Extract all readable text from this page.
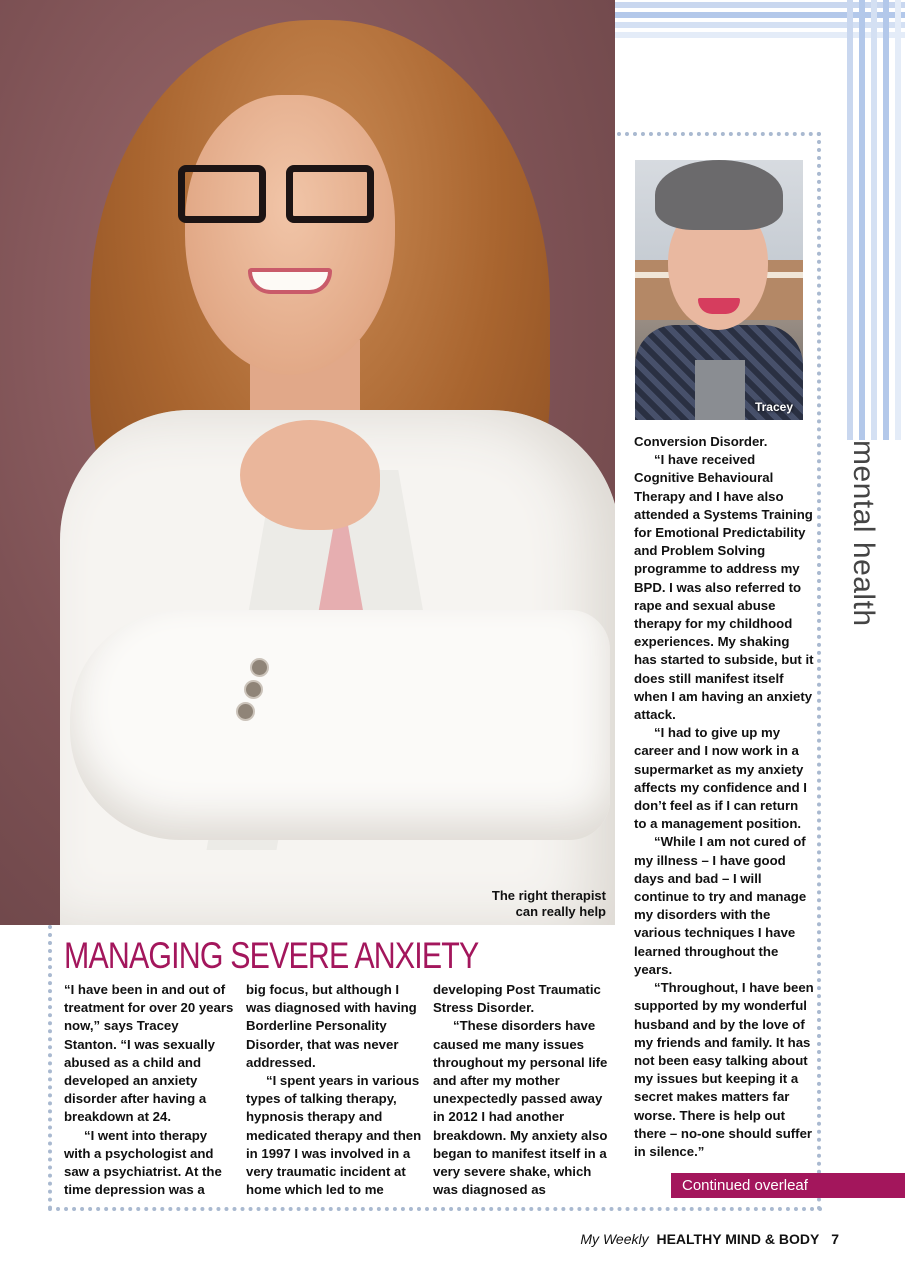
The right therapist
can really help
Tracey
mental health
MANAGING SEVERE ANXIETY

“I have been in and out of treatment for over 20 years now,” says Tracey Stanton. “I was sexually abused as a child and developed an anxiety disorder after having a breakdown at 24.

“I went into therapy with a psychologist and saw a psychiatrist. At the time depression was a

big focus, but although I was diagnosed with having Borderline Personality Disorder, that was never addressed.

“I spent years in various types of talking therapy, hypnosis therapy and medicated therapy and then in 1997 I was involved in a very traumatic incident at home which led to me

developing Post Traumatic Stress Disorder.

“These disorders have caused me many issues throughout my personal life and after my mother unexpectedly passed away in 2012 I had another breakdown. My anxiety also began to manifest itself in a very severe shake, which was diagnosed as

Conversion Disorder.

“I have received Cognitive Behavioural Therapy and I have also attended a Systems Training for Emotional Predictability and Problem Solving programme to address my BPD. I was also referred to rape and sexual abuse therapy for my childhood experiences. My shaking has started to subside, but it does still manifest itself when I am having an anxiety attack.

“I had to give up my career and I now work in a supermarket as my anxiety affects my confidence and I don’t feel as if I can return to a management position.

“While I am not cured of my illness – I have good days and bad – I will continue to try and manage my disorders with the various techniques I have learned throughout the years.

“Throughout, I have been supported by my wonderful husband and by the love of my friends and family. It has not been easy talking about my issues but keeping it a secret makes matters far worse. There is help out there – no-one should suffer in silence.”

Continued overleaf
My Weekly HEALTHY MIND & BODY 7
